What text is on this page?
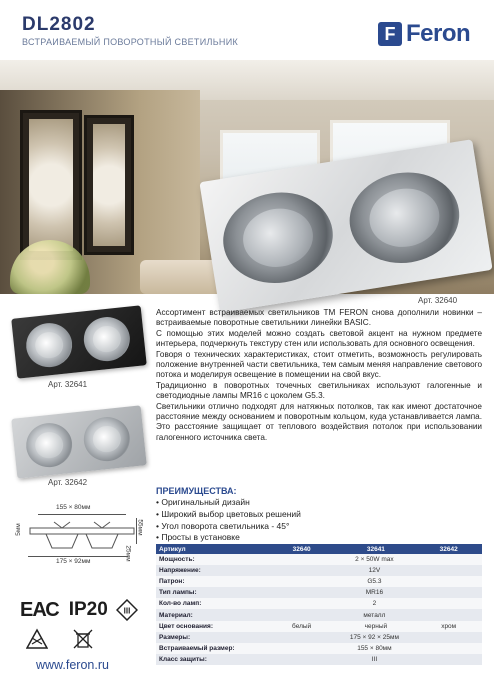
DL2802
ВСТРАИВАЕМЫЙ ПОВОРОТНЫЙ СВЕТИЛЬНИК	F Feron
Арт. 32640
Арт. 32641
Арт. 32642
155 × 80мм
5мм	55мм
25мм
175 × 92мм

Ассортимент встраиваемых светильников ТМ FERON снова дополнили новинки – встраиваемые поворотные светильники линейки BASIC.

С помощью этих моделей можно создать световой акцент на нужном предмете интерьера, подчеркнуть текстуру стен или использовать для основного освещения.

Говоря о технических характеристиках, стоит отметить, возможность регулировать положение внутренней части светильника, тем самым меняя направление светового потока и моделируя освещение в помещении на свой вкус.

Традиционно в поворотных точечных светильниках используют галогенные и светодиодные лампы MR16 с цоколем G5.3.

Светильники отлично подходят для натяжных потолков, так как имеют достаточное расстояние между основанием и поворотным кольцом, куда устанавливается лампа. Это расстояние защищает от теплового воздействия потолок при использовании галогенного источника света.

ПРЕИМУЩЕСТВА:
• Оригинальный дизайн
• Широкий выбор цветовых решений
• Угол поворота светильника - 45°
• Просты в установке
Артикул	32640	32641	32642
Мощность:	2 × 50W max		
Напряжение:	12V		
Патрон:	G5.3		
Тип лампы:	MR16		
Кол-во ламп:	2		
Материал:	металл		
Цвет основания:	белый	черный	хром
Размеры:	175 × 92 × 25мм		
Встраиваемый размер:	155 × 80мм		
Класс защиты:	III		
ЕАС IP20 III
www.feron.ru
